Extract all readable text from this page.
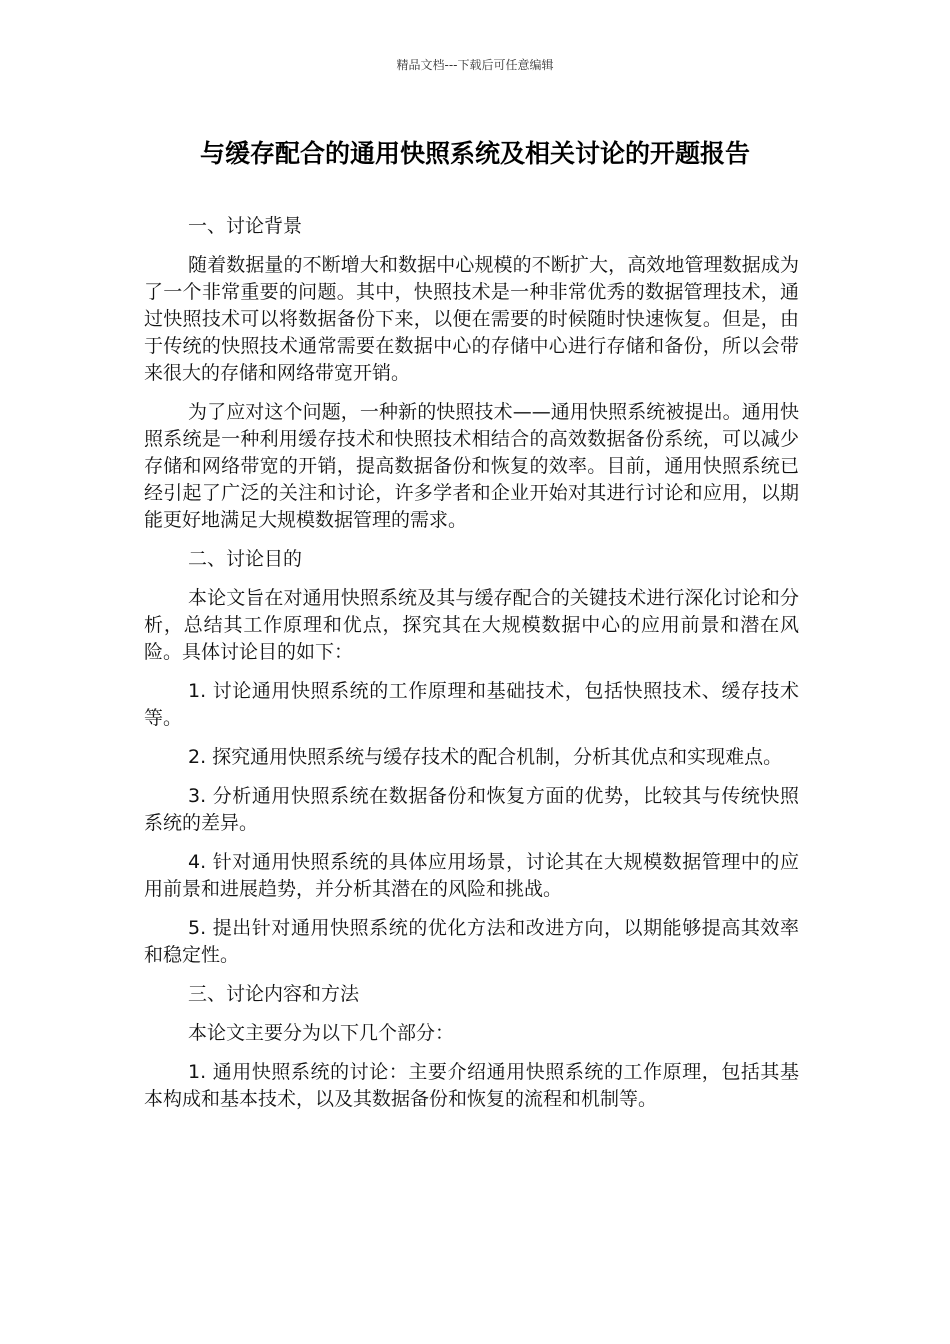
精品文档---下载后可任意编辑
与缓存配合的通用快照系统及相关讨论的开题报告

一、讨论背景

随着数据量的不断增大和数据中心规模的不断扩大，高效地管理数据成为了一个非常重要的问题。其中，快照技术是一种非常优秀的数据管理技术，通过快照技术可以将数据备份下来，以便在需要的时候随时快速恢复。但是，由于传统的快照技术通常需要在数据中心的存储中心进行存储和备份，所以会带来很大的存储和网络带宽开销。

为了应对这个问题，一种新的快照技术——通用快照系统被提出。通用快照系统是一种利用缓存技术和快照技术相结合的高效数据备份系统，可以减少存储和网络带宽的开销，提高数据备份和恢复的效率。目前，通用快照系统已经引起了广泛的关注和讨论，许多学者和企业开始对其进行讨论和应用，以期能更好地满足大规模数据管理的需求。

二、讨论目的

本论文旨在对通用快照系统及其与缓存配合的关键技术进行深化讨论和分析，总结其工作原理和优点，探究其在大规模数据中心的应用前景和潜在风险。具体讨论目的如下：

1. 讨论通用快照系统的工作原理和基础技术，包括快照技术、缓存技术等。

2. 探究通用快照系统与缓存技术的配合机制，分析其优点和实现难点。

3. 分析通用快照系统在数据备份和恢复方面的优势，比较其与传统快照系统的差异。

4. 针对通用快照系统的具体应用场景，讨论其在大规模数据管理中的应用前景和进展趋势，并分析其潜在的风险和挑战。

5. 提出针对通用快照系统的优化方法和改进方向，以期能够提高其效率和稳定性。

三、讨论内容和方法

本论文主要分为以下几个部分：

1. 通用快照系统的讨论：主要介绍通用快照系统的工作原理，包括其基本构成和基本技术，以及其数据备份和恢复的流程和机制等。
